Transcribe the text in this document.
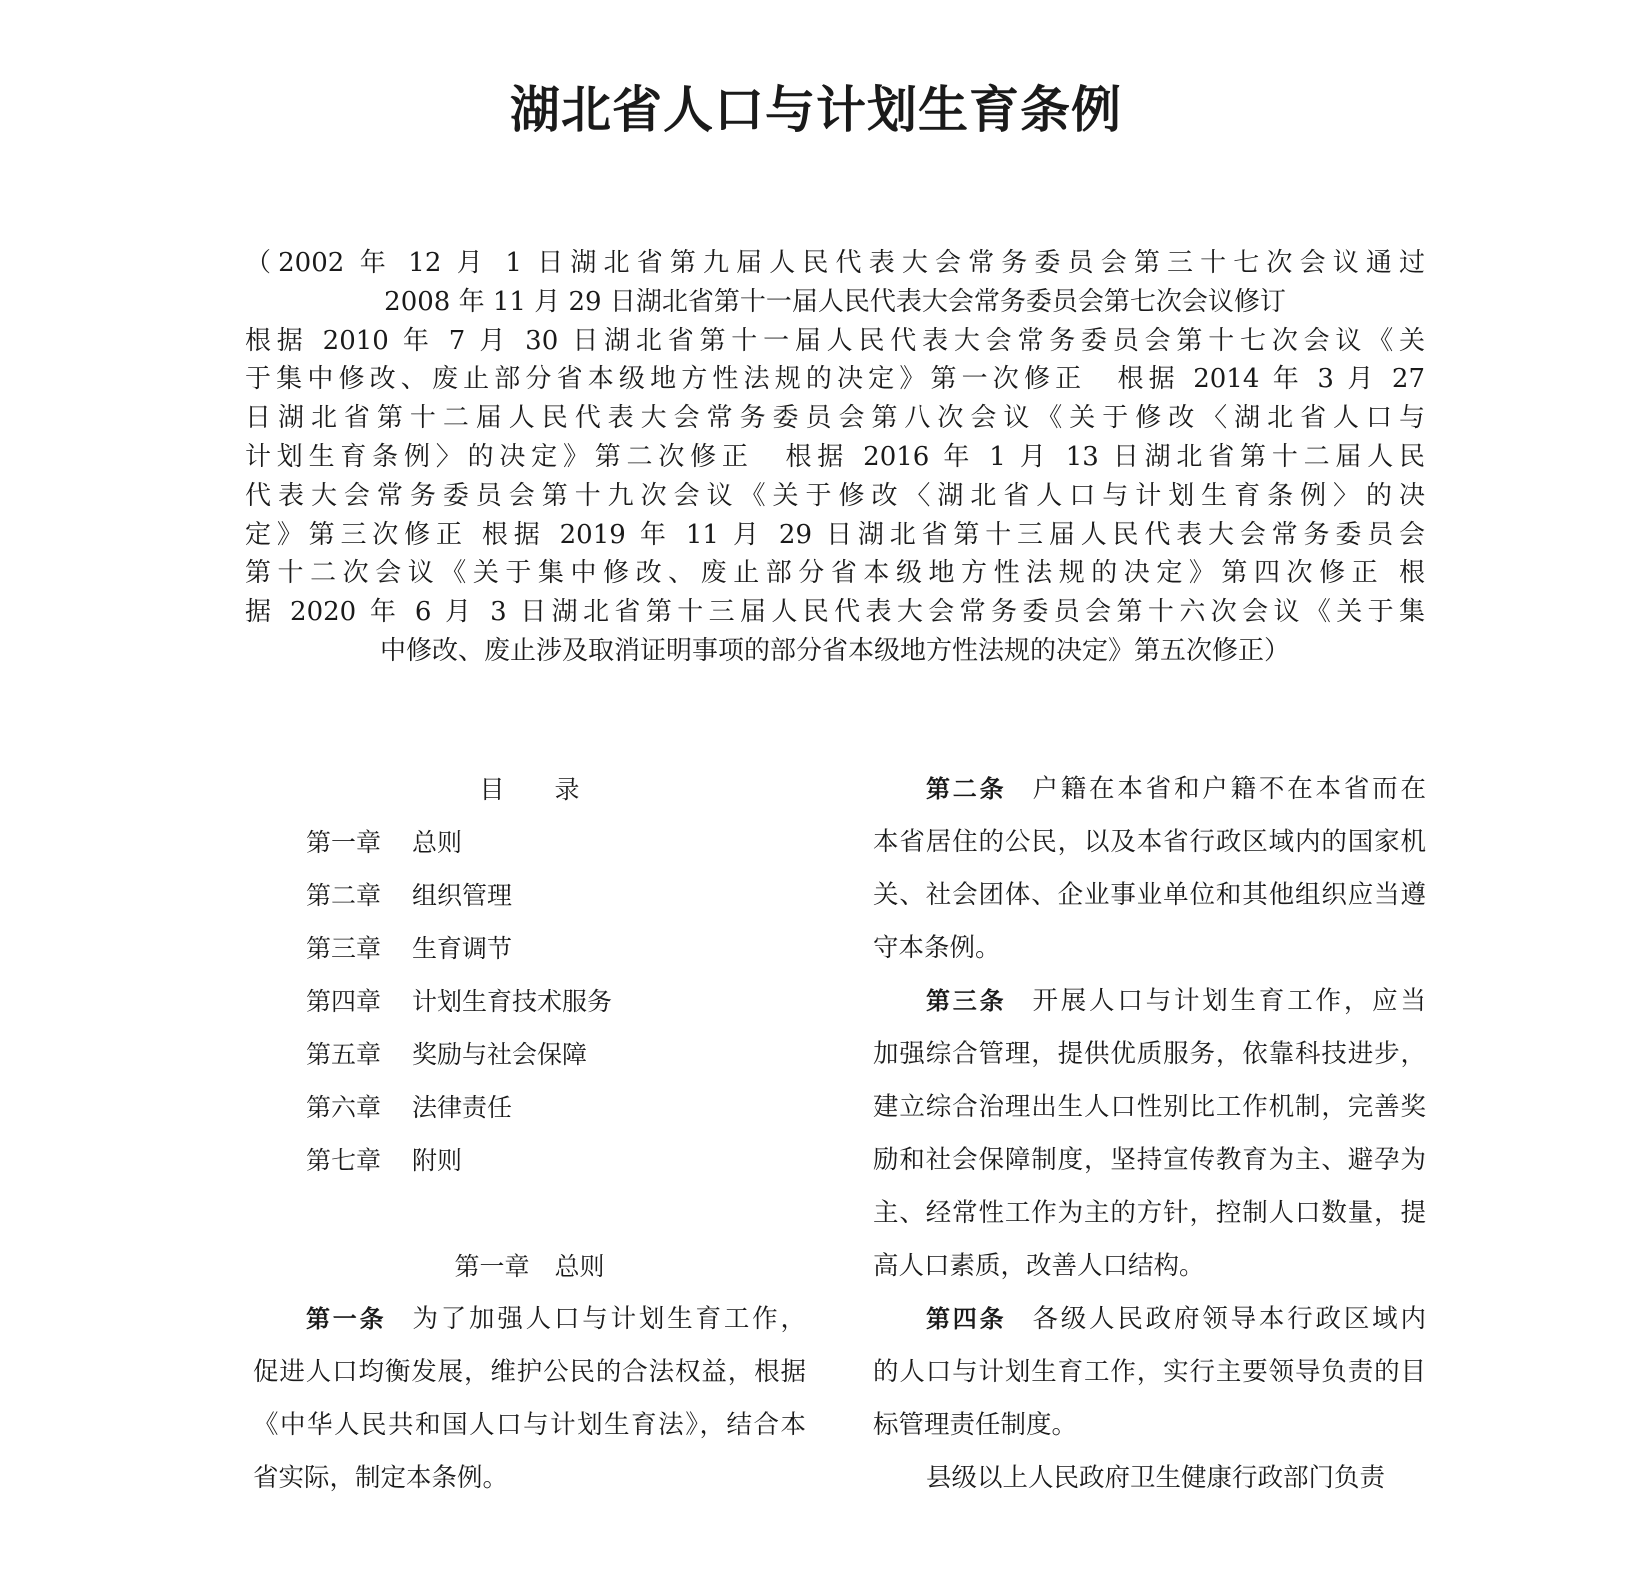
湖北省人口与计划生育条例
（2002 年 12 月 1 日湖北省第九届人民代表大会常务委员会第三十七次会议通过
2008 年 11 月 29 日湖北省第十一届人民代表大会常务委员会第七次会议修订
根据 2010 年 7 月 30 日湖北省第十一届人民代表大会常务委员会第十七次会议《关
于集中修改、废止部分省本级地方性法规的决定》第一次修正　根据 2014 年 3 月 27
日湖北省第十二届人民代表大会常务委员会第八次会议《关于修改〈湖北省人口与
计划生育条例〉的决定》第二次修正　根据 2016 年 1 月 13 日湖北省第十二届人民
代表大会常务委员会第十九次会议《关于修改〈湖北省人口与计划生育条例〉的决
定》第三次修正 根据 2019 年 11 月 29 日湖北省第十三届人民代表大会常务委员会
第十二次会议《关于集中修改、废止部分省本级地方性法规的决定》第四次修正 根
据 2020 年 6 月 3 日湖北省第十三届人民代表大会常务委员会第十六次会议《关于集
中修改、废止涉及取消证明事项的部分省本级地方性法规的决定》第五次修正）
目　　录
第一章 总则
第二章 组织管理
第三章 生育调节
第四章 计划生育技术服务
第五章 奖励与社会保障
第六章 法律责任
第七章 附则
第一章　总则
第一条 为了加强人口与计划生育工作，
促进人口均衡发展，维护公民的合法权益，根据
《中华人民共和国人口与计划生育法》，结合本
省实际，制定本条例。
第二条 户籍在本省和户籍不在本省而在
本省居住的公民，以及本省行政区域内的国家机
关、社会团体、企业事业单位和其他组织应当遵
守本条例。
第三条 开展人口与计划生育工作，应当
加强综合管理，提供优质服务，依靠科技进步，
建立综合治理出生人口性别比工作机制，完善奖
励和社会保障制度，坚持宣传教育为主、避孕为
主、经常性工作为主的方针，控制人口数量，提
高人口素质，改善人口结构。
第四条 各级人民政府领导本行政区域内
的人口与计划生育工作，实行主要领导负责的目
标管理责任制度。
县级以上人民政府卫生健康行政部门负责
